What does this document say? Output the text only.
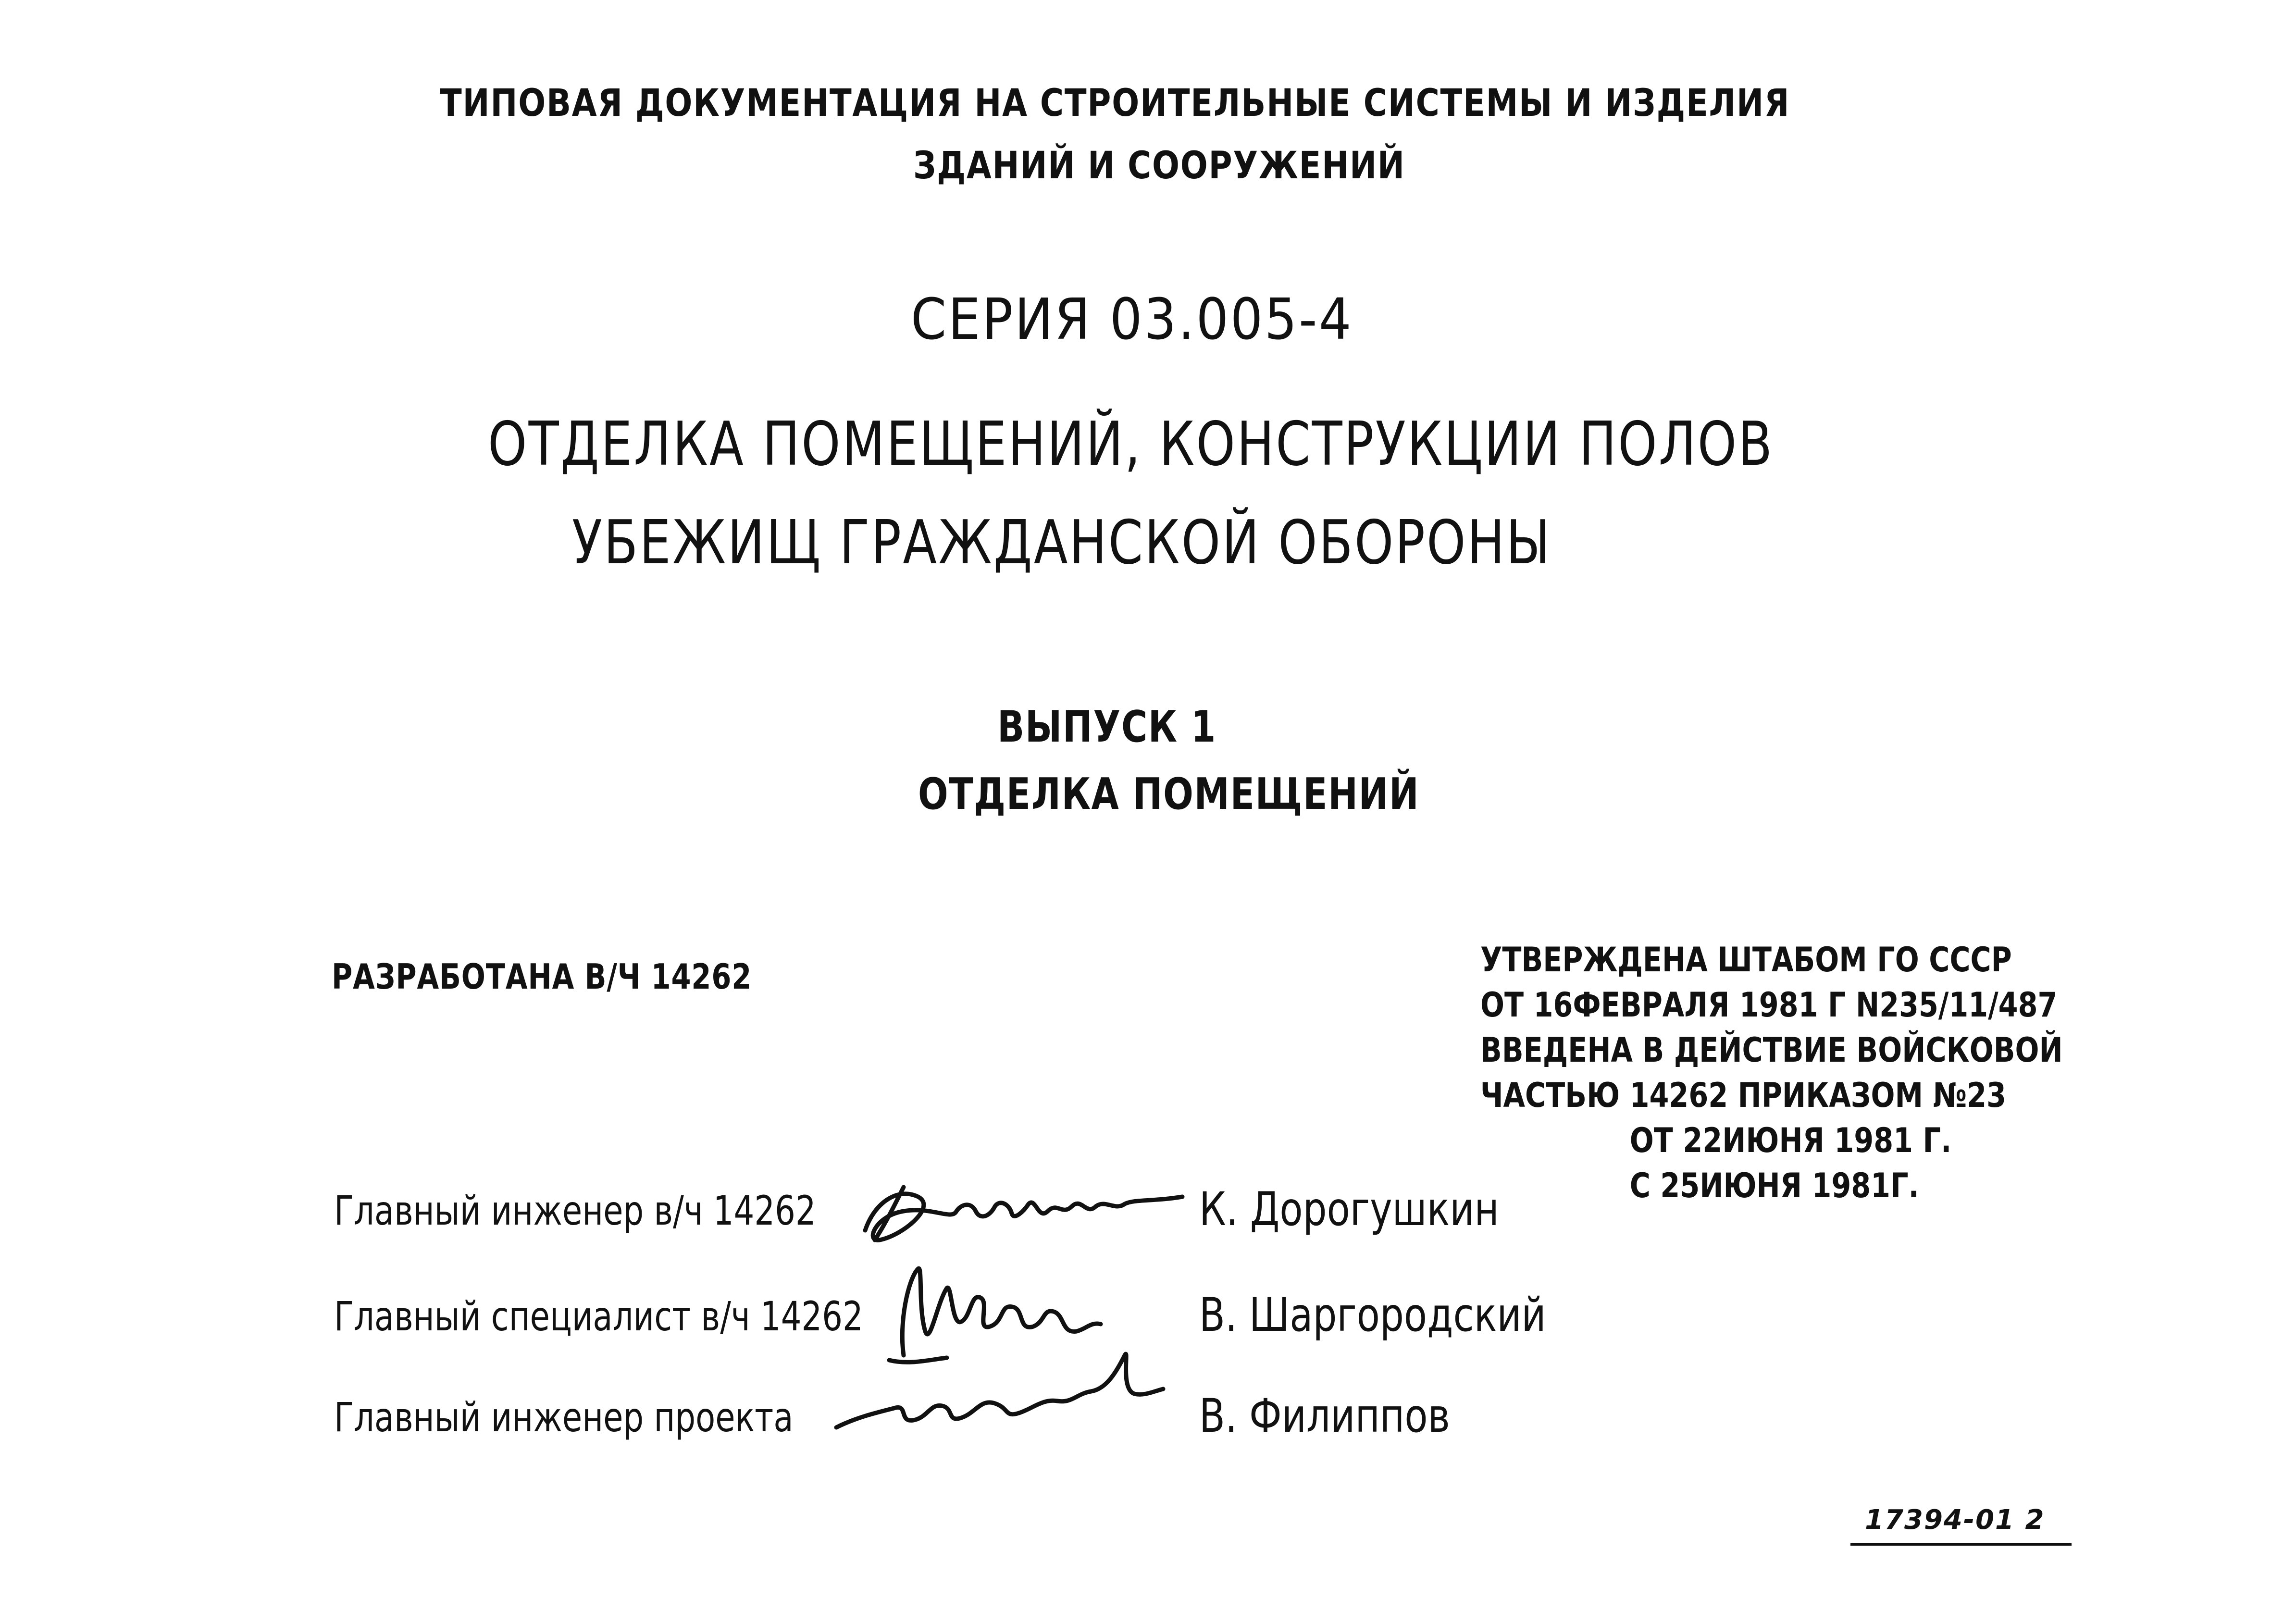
ТИПОВАЯ ДОКУМЕНТАЦИЯ НА СТРОИТЕЛЬНЫЕ СИСТЕМЫ И ИЗДЕЛИЯ
ЗДАНИЙ И СООРУЖЕНИЙ
СЕРИЯ 03.005-4
ОТДЕЛКА ПОМЕЩЕНИЙ, КОНСТРУКЦИИ ПОЛОВ
УБЕЖИЩ ГРАЖДАНСКОЙ ОБОРОНЫ
ВЫПУСК 1
ОТДЕЛКА ПОМЕЩЕНИЙ
РАЗРАБОТАНА В/Ч 14262	УТВЕРЖДЕНА ШТАБОМ ГО СССР
ОТ 16ФЕВРАЛЯ 1981 Г N235/11/487
ВВЕДЕНА В ДЕЙСТВИЕ ВОЙСКОВОЙ
ЧАСТЬЮ 14262 ПРИКАЗОМ №23
ОТ 22ИЮНЯ 1981 Г.
С 25ИЮНЯ 1981Г.
Главный инженер в/ч 14262	К. Дорогушкин
Главный специалист в/ч 14262	В. Шаргородский
Главный инженер проекта	В. Филиппов
17394-01 2
